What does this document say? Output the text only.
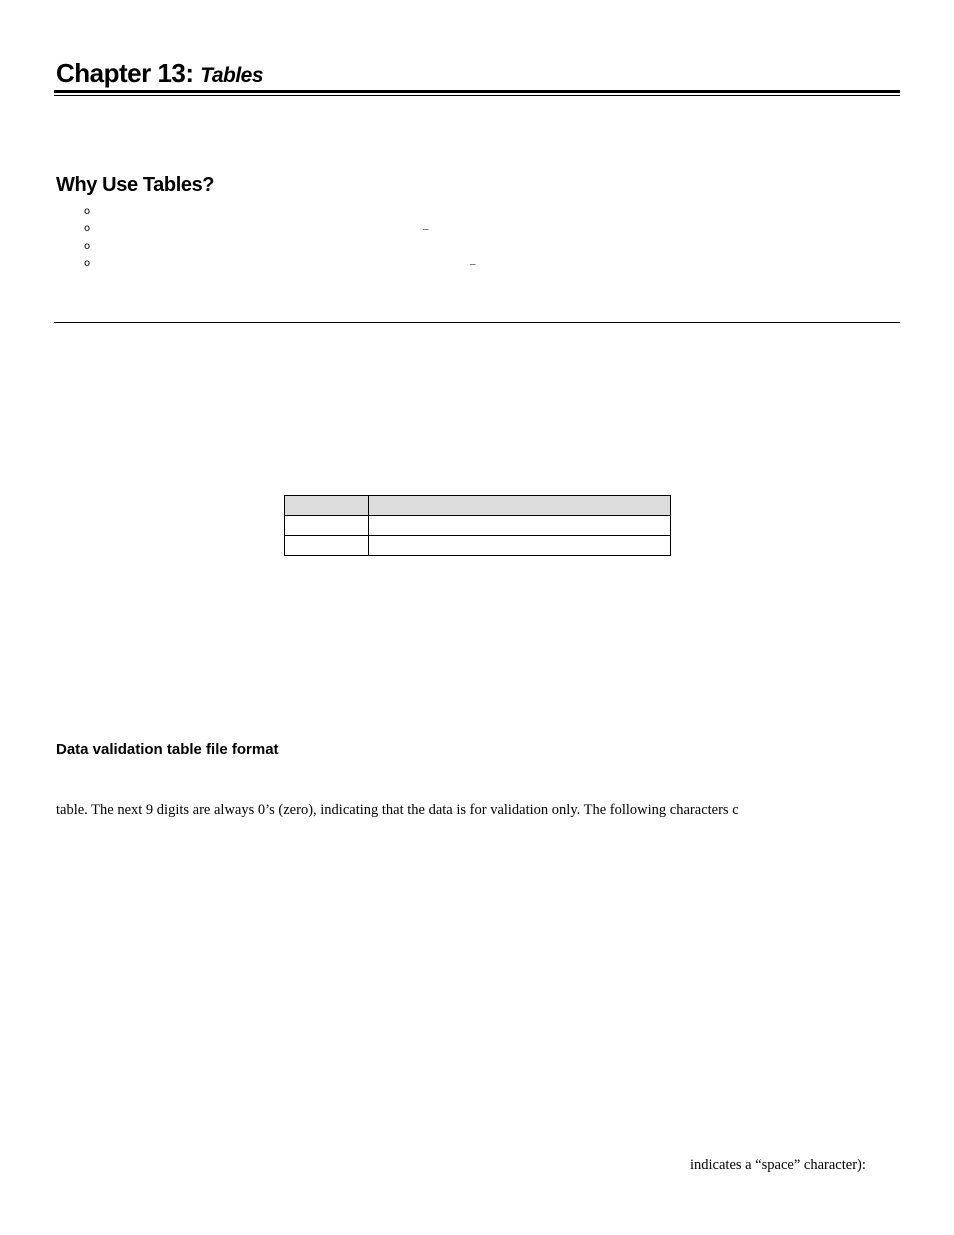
Chapter 13: Tables
Why Use Tables?
o
o	–
o
o	–

Data validation table file format

table. The next 9 digits are always 0’s (zero), indicating that the data is for validation only. The following characters c

indicates a “space” character):
